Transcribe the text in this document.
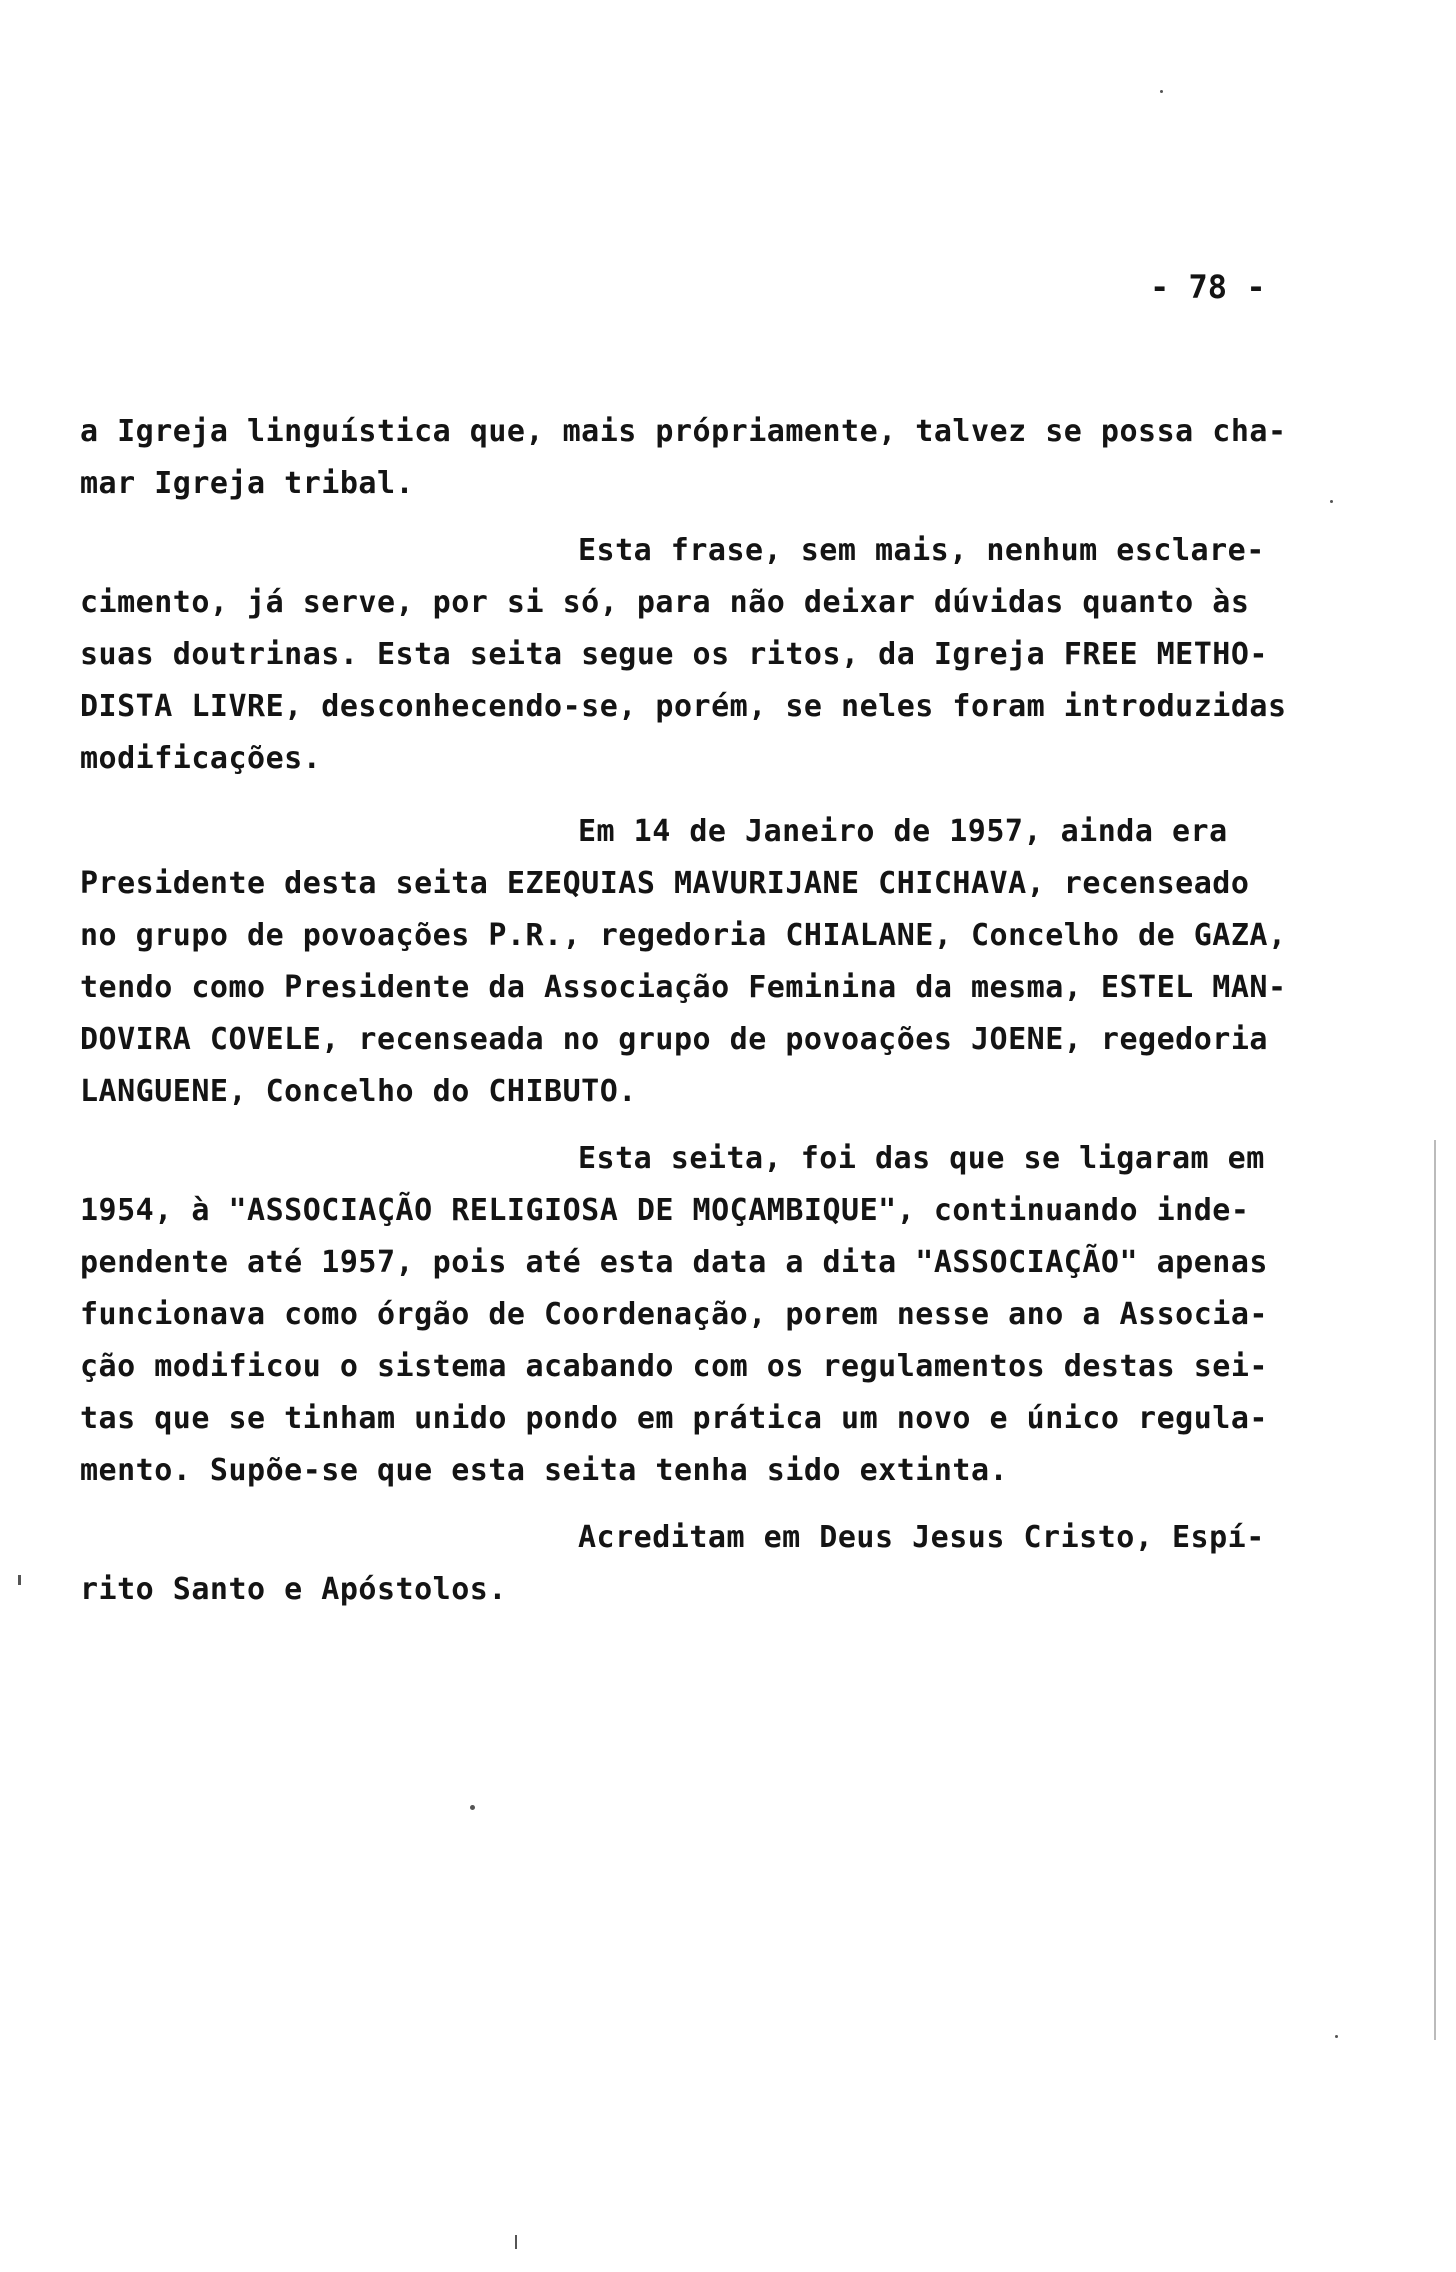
- 78 -
a Igreja linguística que, mais própriamente, talvez se possa cha-
mar Igreja tribal.
Esta frase, sem mais, nenhum esclare-
cimento, já serve, por si só, para não deixar dúvidas quanto às
suas doutrinas. Esta seita segue os ritos, da Igreja FREE METHO-
DISTA LIVRE, desconhecendo-se, porém, se neles foram introduzidas
modificações.
Em 14 de Janeiro de 1957, ainda era
Presidente desta seita EZEQUIAS MAVURIJANE CHICHAVA, recenseado
no grupo de povoações P.R., regedoria CHIALANE, Concelho de GAZA,
tendo como Presidente da Associação Feminina da mesma, ESTEL MAN-
DOVIRA COVELE, recenseada no grupo de povoações JOENE, regedoria
LANGUENE, Concelho do CHIBUTO.
Esta seita, foi das que se ligaram em
1954, à "ASSOCIAÇÃO RELIGIOSA DE MOÇAMBIQUE", continuando inde-
pendente até 1957, pois até esta data a dita "ASSOCIAÇÃO" apenas
funcionava como órgão de Coordenação, porem nesse ano a Associa-
ção modificou o sistema acabando com os regulamentos destas sei-
tas que se tinham unido pondo em prática um novo e único regula-
mento. Supõe-se que esta seita tenha sido extinta.
Acreditam em Deus Jesus Cristo, Espí-
rito Santo e Apóstolos.
